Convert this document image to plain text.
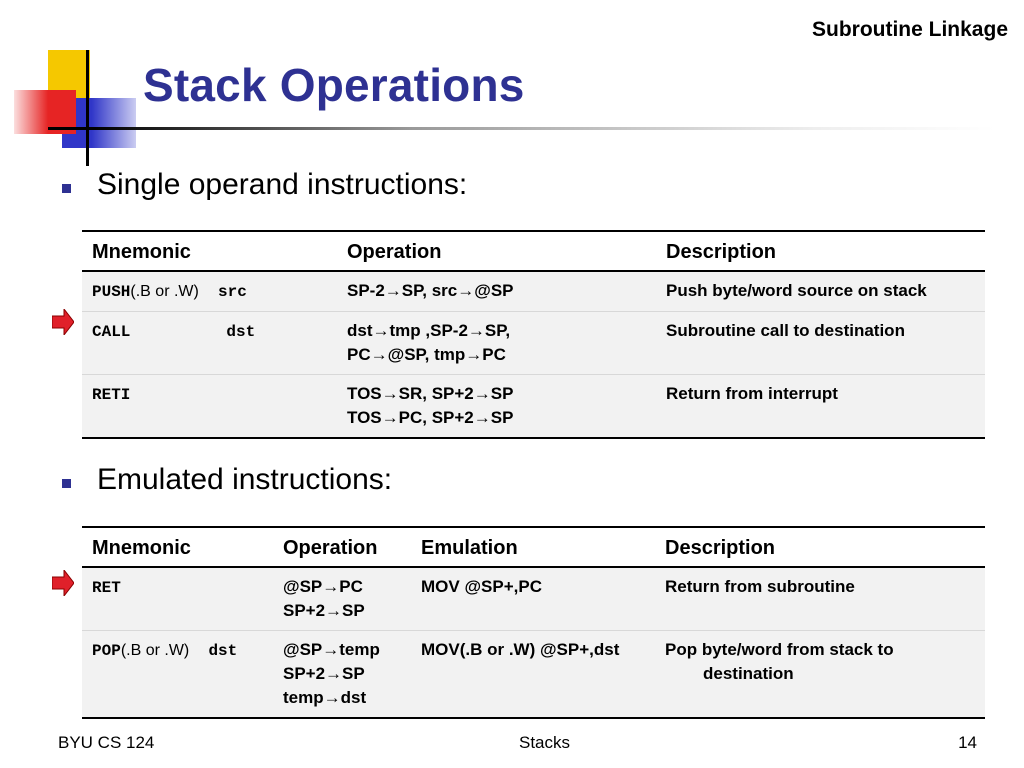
Subroutine Linkage
Stack Operations
Single operand instructions:
Mnemonic	Operation	Description
PUSH(.B or .W) src	SP-2→SP, src→@SP	Push byte/word source on stack
CALL dst	dst→tmp ,SP-2→SP,
PC→@SP, tmp→PC	Subroutine call to destination
RETI	TOS→SR, SP+2→SP
TOS→PC, SP+2→SP	Return from interrupt
Emulated instructions:
Mnemonic	Operation	Emulation	Description
RET	@SP→PC
SP+2→SP	MOV @SP+,PC	Return from subroutine
POP(.B or .W) dst	@SP→temp
SP+2→SP
temp→dst	MOV(.B or .W) @SP+,dst	Pop byte/word from stack to
destination
BYU CS 124	Stacks	14
